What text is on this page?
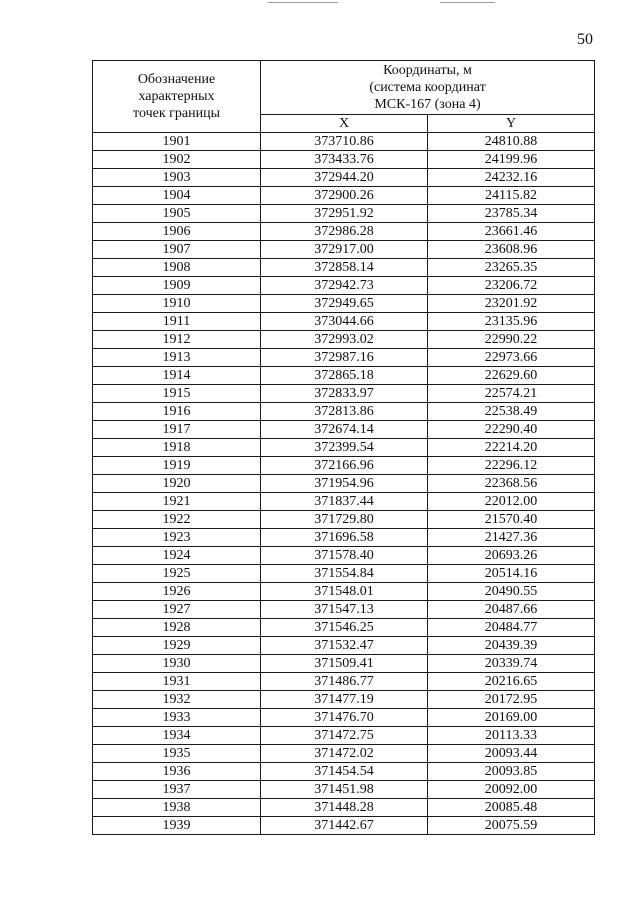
50
Обозначение
характерных
точек границы	Координаты, м
(система координат
МСК-167 (зона 4)	

	X	Y
1901	373710.86	24810.88
1902	373433.76	24199.96
1903	372944.20	24232.16
1904	372900.26	24115.82
1905	372951.92	23785.34
1906	372986.28	23661.46
1907	372917.00	23608.96
1908	372858.14	23265.35
1909	372942.73	23206.72
1910	372949.65	23201.92
1911	373044.66	23135.96
1912	372993.02	22990.22
1913	372987.16	22973.66
1914	372865.18	22629.60
1915	372833.97	22574.21
1916	372813.86	22538.49
1917	372674.14	22290.40
1918	372399.54	22214.20
1919	372166.96	22296.12
1920	371954.96	22368.56
1921	371837.44	22012.00
1922	371729.80	21570.40
1923	371696.58	21427.36
1924	371578.40	20693.26
1925	371554.84	20514.16
1926	371548.01	20490.55
1927	371547.13	20487.66
1928	371546.25	20484.77
1929	371532.47	20439.39
1930	371509.41	20339.74
1931	371486.77	20216.65
1932	371477.19	20172.95
1933	371476.70	20169.00
1934	371472.75	20113.33
1935	371472.02	20093.44
1936	371454.54	20093.85
1937	371451.98	20092.00
1938	371448.28	20085.48
1939	371442.67	20075.59
